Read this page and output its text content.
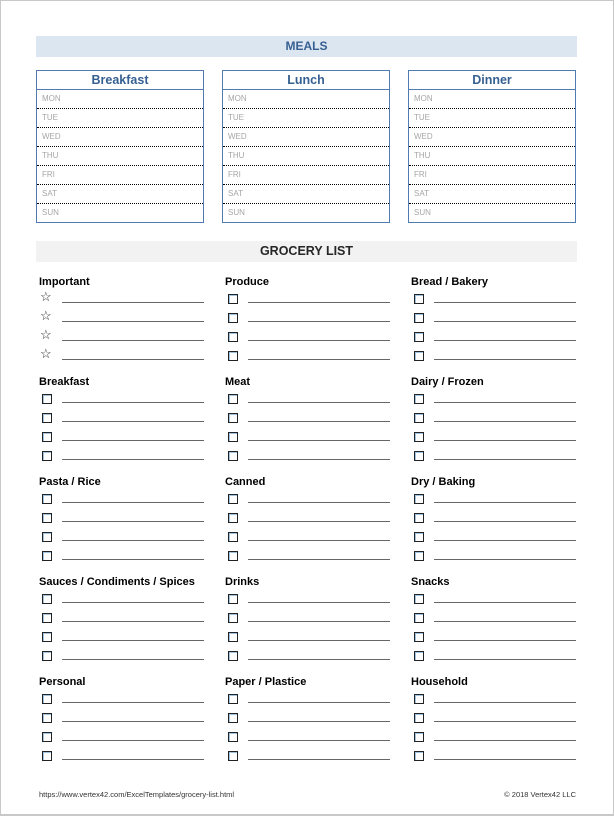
MEALS
Breakfast
MON
TUE
WED
THU
FRI
SAT
SUN
Lunch
MON
TUE
WED
THU
FRI
SAT
SUN
Dinner
MON
TUE
WED
THU
FRI
SAT
SUN
GROCERY LIST
Important
☆
☆
☆
☆
Produce	Bread / Bakery
Breakfast	Meat	Dairy / Frozen
Pasta / Rice	Canned	Dry / Baking
Sauces / Condiments / Spices	Drinks	Snacks
Personal	Paper / Plastice	Household
https://www.vertex42.com/ExcelTemplates/grocery-list.html	© 2018 Vertex42 LLC
